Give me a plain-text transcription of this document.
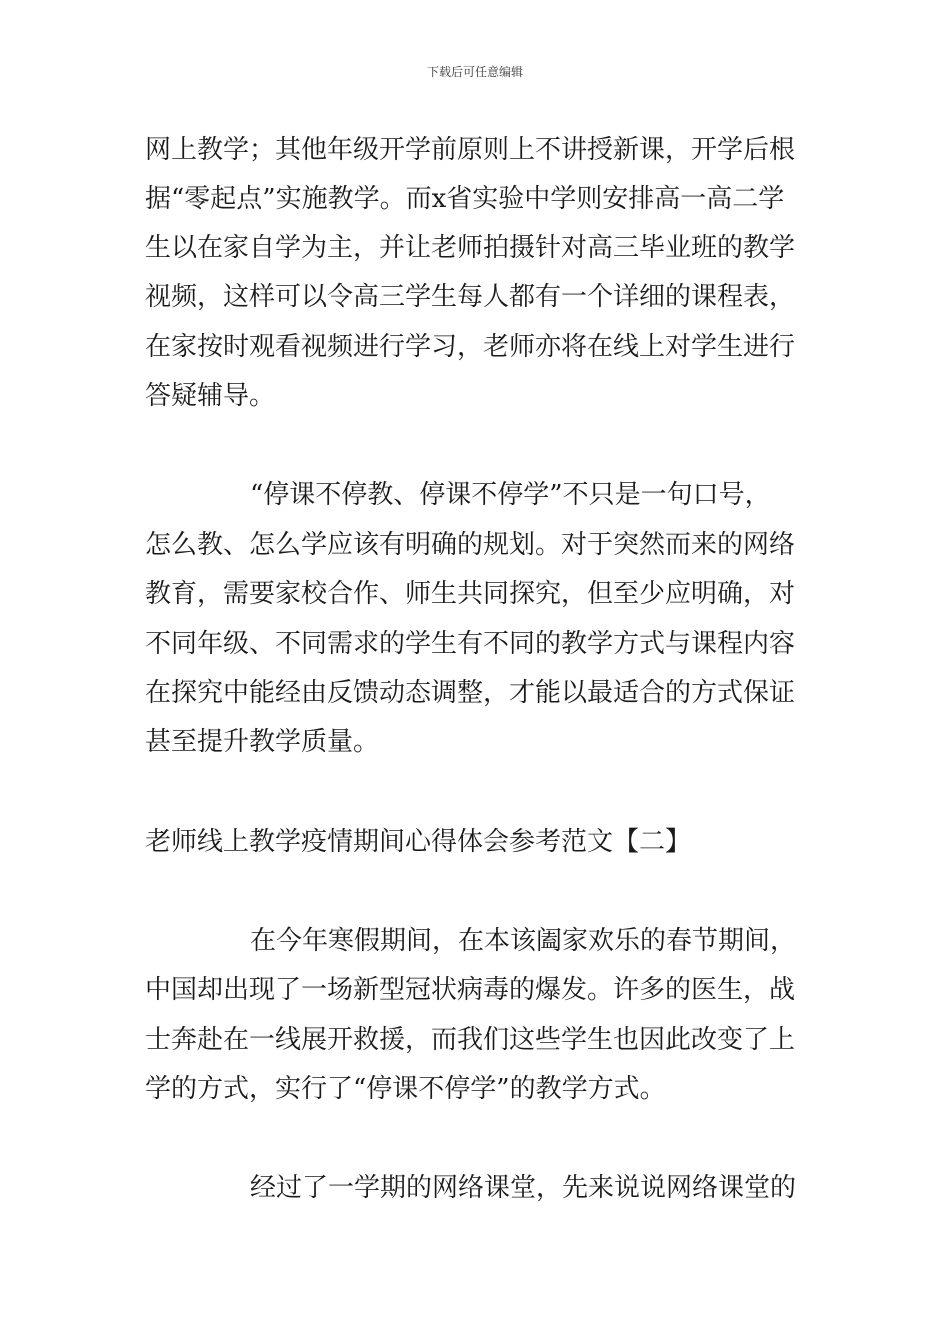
下载后可任意编辑
网上教学；其他年级开学前原则上不讲授新课，开学后根
据“零起点”实施教学。而x省实验中学则安排高一高二学
生以在家自学为主，并让老师拍摄针对高三毕业班的教学
视频，这样可以令高三学生每人都有一个详细的课程表，
在家按时观看视频进行学习，老师亦将在线上对学生进行
答疑辅导。
“停课不停教、停课不停学”不只是一句口号，
怎么教、怎么学应该有明确的规划。对于突然而来的网络
教育，需要家校合作、师生共同探究，但至少应明确，对
不同年级、不同需求的学生有不同的教学方式与课程内容
在探究中能经由反馈动态调整，才能以最适合的方式保证
甚至提升教学质量。
老师线上教学疫情期间心得体会参考范文【二】
在今年寒假期间，在本该阖家欢乐的春节期间，
中国却出现了一场新型冠状病毒的爆发。许多的医生，战
士奔赴在一线展开救援，而我们这些学生也因此改变了上
学的方式，实行了“停课不停学”的教学方式。
经过了一学期的网络课堂，先来说说网络课堂的
